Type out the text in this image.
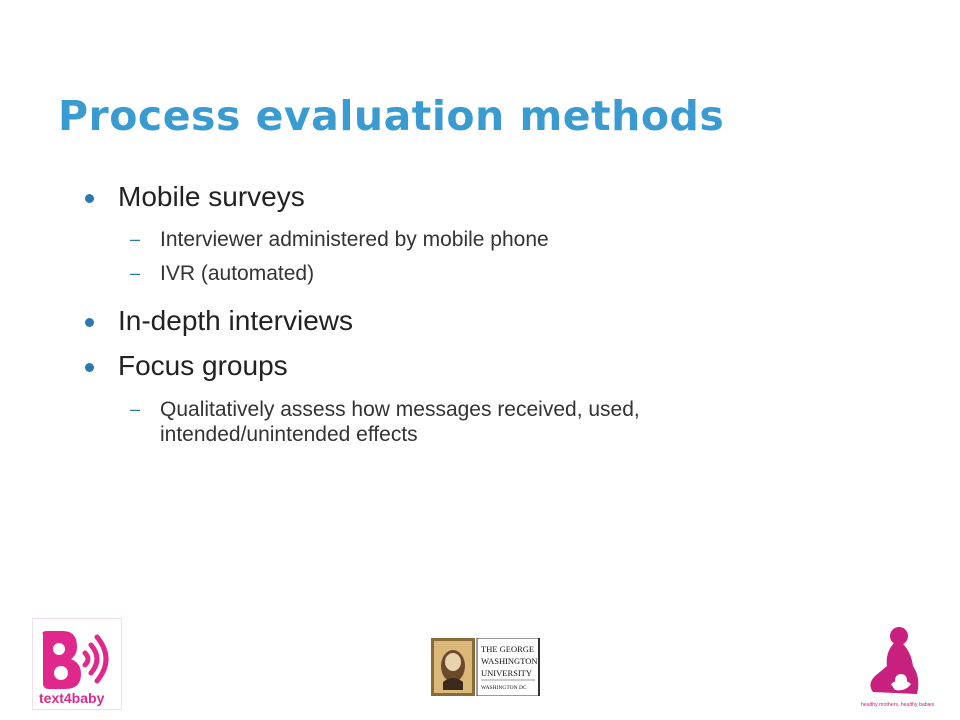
Process evaluation methods
Mobile surveys
– Interviewer administered by mobile phone
– IVR (automated)
In-depth interviews
Focus groups
– Qualitatively assess how messages received, used, intended/unintended effects
text4baby
THE GEORGE
WASHINGTON
UNIVERSITY
WASHINGTON DC
healthy mothers, healthy babies
